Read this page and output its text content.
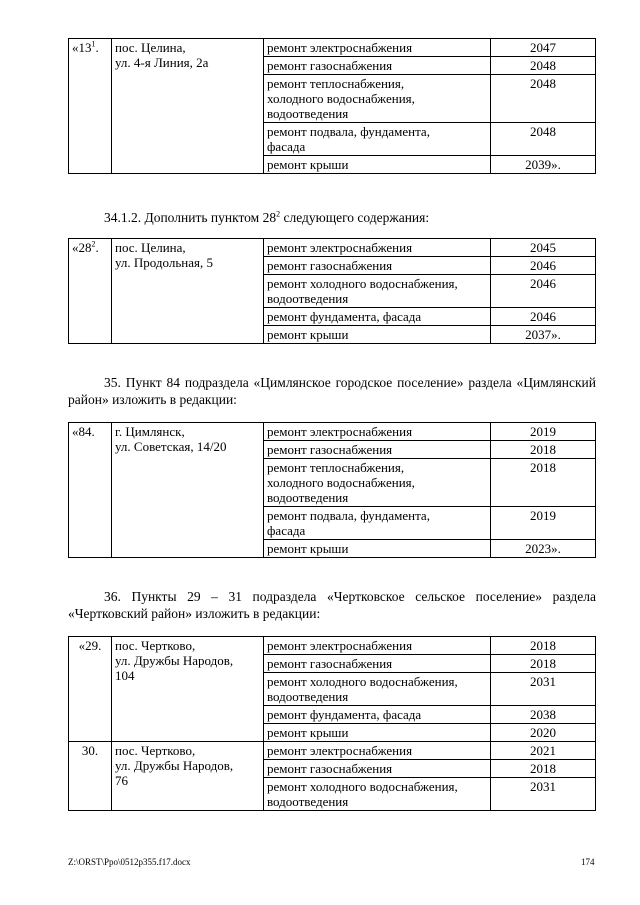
«$13^1$.	пос. Целина,
ул. 4-я Линия, 2а	ремонт электроснабжения	2047
		ремонт газоснабжения	2048
		ремонт теплоснабжения,
холодного водоснабжения,
водоотведения	2048
		ремонт подвала, фундамента,
фасада	2048
		ремонт крыши	2039».

34.1.2. Дополнить пунктом $28^2$ следующего содержания:

«$28^2$.	пос. Целина,
ул. Продольная, 5	ремонт электроснабжения	2045
		ремонт газоснабжения	2046
		ремонт холодного водоснабжения,
водоотведения	2046
		ремонт фундамента, фасада	2046
		ремонт крыши	2037».

35. Пункт 84 подраздела «Цимлянское городское поселение» раздела «Цимлянский район» изложить в редакции:

«84.	г. Цимлянск,
ул. Советская, 14/20	ремонт электроснабжения	2019
		ремонт газоснабжения	2018
		ремонт теплоснабжения,
холодного водоснабжения,
водоотведения	2018
		ремонт подвала, фундамента,
фасада	2019
		ремонт крыши	2023».

36. Пункты 29 – 31 подраздела «Чертковское сельское поселение» раздела «Чертковский район» изложить в редакции:

«29.	пос. Чертково,
ул. Дружбы Народов,
104	ремонт электроснабжения	2018
		ремонт газоснабжения	2018
		ремонт холодного водоснабжения,
водоотведения	2031
		ремонт фундамента, фасада	2038
		ремонт крыши	2020
30.	пос. Чертково,
ул. Дружбы Народов,
76	ремонт электроснабжения	2021
		ремонт газоснабжения	2018
		ремонт холодного водоснабжения,
водоотведения	2031
Z:\ORST\Ppo\0512p355.f17.docx	174
